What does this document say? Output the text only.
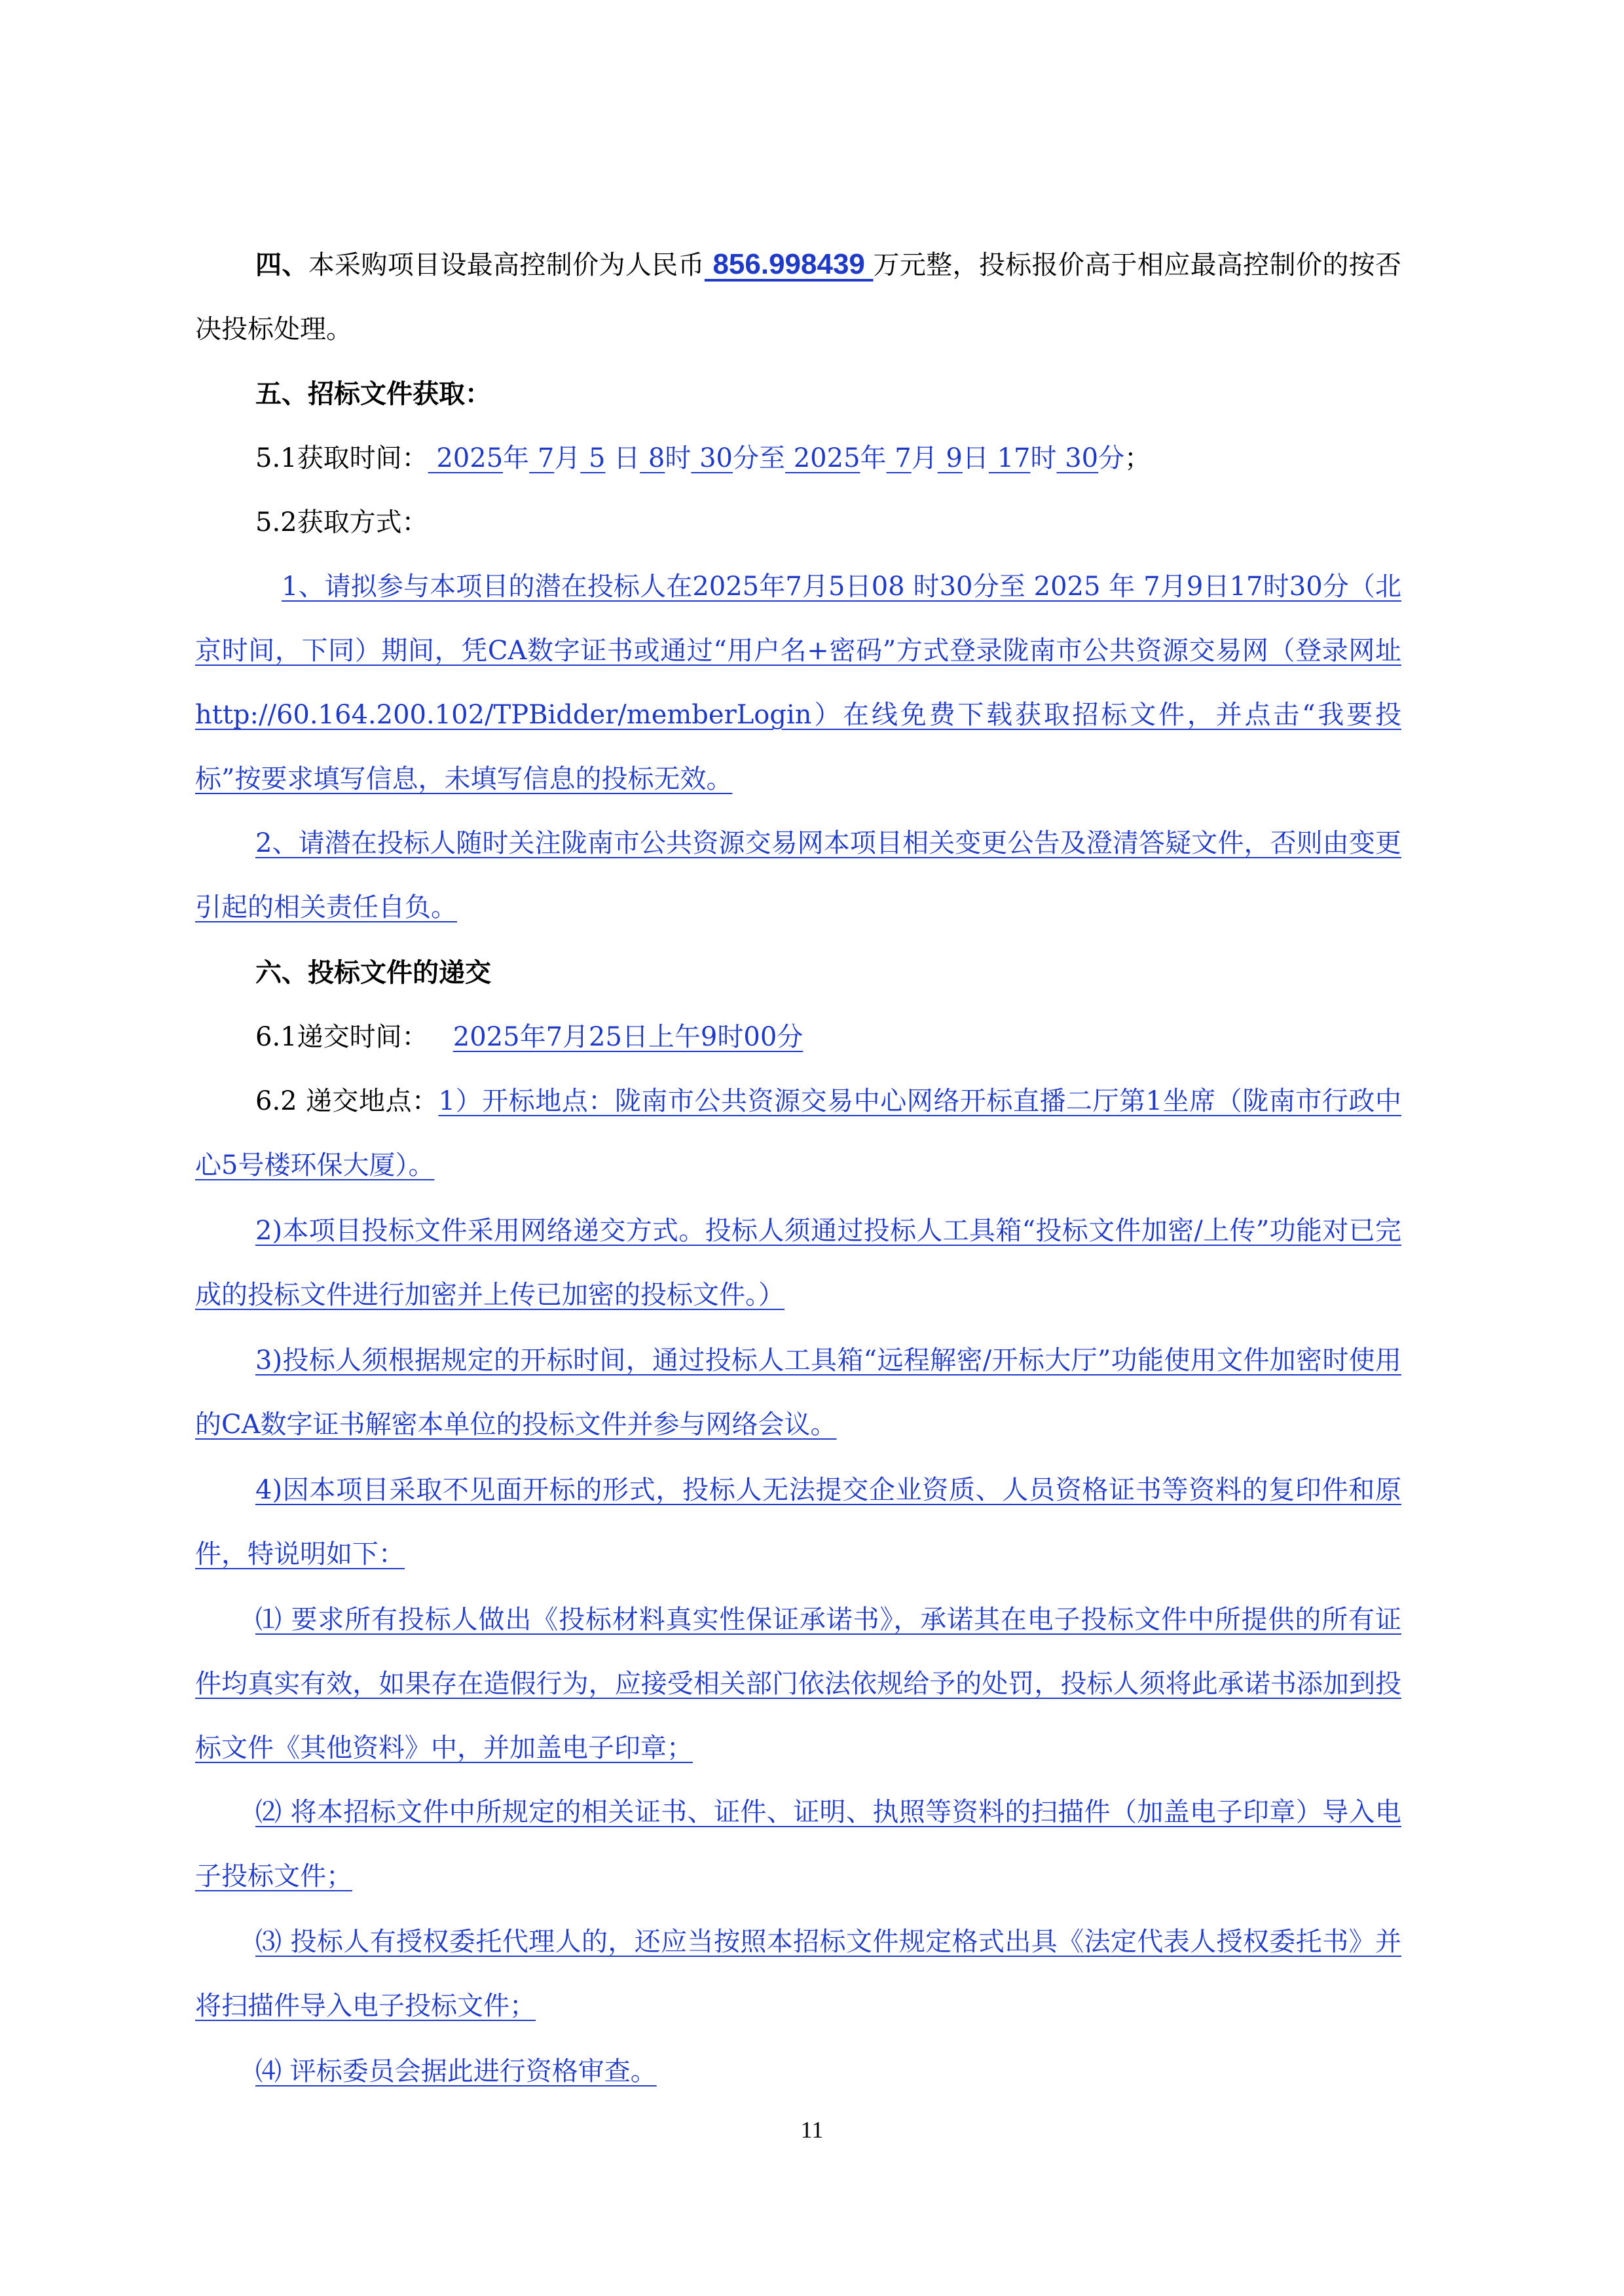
四、本采购项目设最高控制价为人民币 856.998439 万元整，投标报价高于相应最高控制价的按否决投标处理。

五、招标文件获取：

5.1获取时间： 2025年 7月 5 日 8时 30分至 2025年 7月 9日 17时 30分；

5.2获取方式：

1、请拟参与本项目的潜在投标人在2025年7月5日08 时30分至 2025 年 7月9日17时30分（北京时间，下同）期间，凭CA数字证书或通过“用户名+密码”方式登录陇南市公共资源交易网（登录网址http://60.164.200.102/TPBidder/memberLogin）在线免费下载获取招标文件，并点击“我要投标”按要求填写信息，未填写信息的投标无效。

2、请潜在投标人随时关注陇南市公共资源交易网本项目相关变更公告及澄清答疑文件，否则由变更引起的相关责任自负。

六、投标文件的递交

6.1递交时间： 2025年7月25日上午9时00分

6.2 递交地点：1）开标地点：陇南市公共资源交易中心网络开标直播二厅第1坐席（陇南市行政中心5号楼环保大厦）。

2)本项目投标文件采用网络递交方式。投标人须通过投标人工具箱“投标文件加密/上传”功能对已完成的投标文件进行加密并上传已加密的投标文件。）

3)投标人须根据规定的开标时间，通过投标人工具箱“远程解密/开标大厅”功能使用文件加密时使用的CA数字证书解密本单位的投标文件并参与网络会议。

4)因本项目采取不见面开标的形式，投标人无法提交企业资质、人员资格证书等资料的复印件和原件，特说明如下：

⑴ 要求所有投标人做出《投标材料真实性保证承诺书》，承诺其在电子投标文件中所提供的所有证件均真实有效，如果存在造假行为，应接受相关部门依法依规给予的处罚，投标人须将此承诺书添加到投标文件《其他资料》中，并加盖电子印章；

⑵ 将本招标文件中所规定的相关证书、证件、证明、执照等资料的扫描件（加盖电子印章）导入电子投标文件；

⑶ 投标人有授权委托代理人的，还应当按照本招标文件规定格式出具《法定代表人授权委托书》并将扫描件导入电子投标文件；

⑷ 评标委员会据此进行资格审查。

11
